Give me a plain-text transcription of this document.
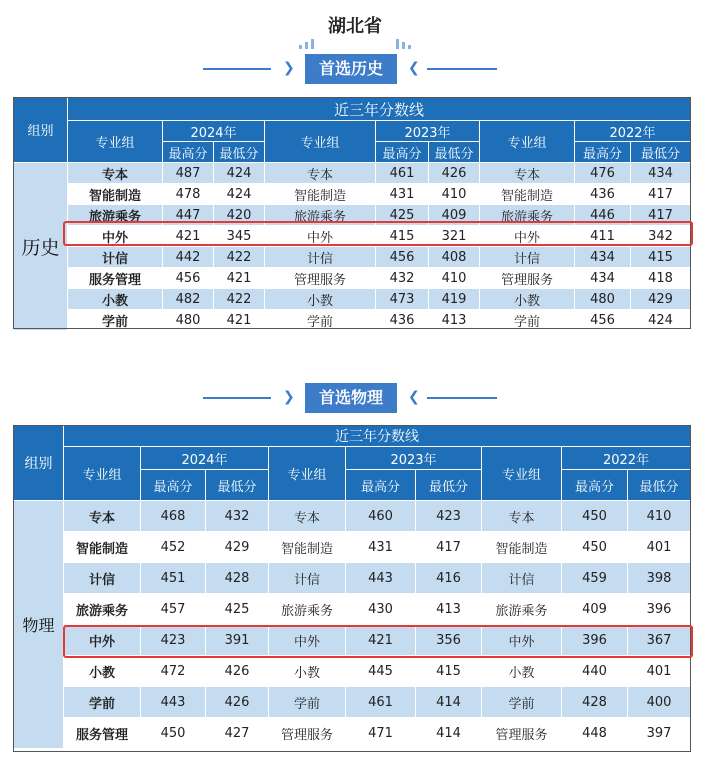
湖北省
❯	首选历史	❮
组别	近三年分数线								
	专业组	2024年		专业组	2023年		专业组	2022年	
		最高分	最低分		最高分	最低分		最高分	最低分
历史	专本	487	424	专本	461	426	专本	476	434
	智能制造	478	424	智能制造	431	410	智能制造	436	417
	旅游乘务	447	420	旅游乘务	425	409	旅游乘务	446	417
	中外	421	345	中外	415	321	中外	411	342
	计信	442	422	计信	456	408	计信	434	415
	服务管理	456	421	管理服务	432	410	管理服务	434	418
	小教	482	422	小教	473	419	小教	480	429
	学前	480	421	学前	436	413	学前	456	424
❯	首选物理	❮
组别	近三年分数线								
	专业组	2024年		专业组	2023年		专业组	2022年	
		最高分	最低分		最高分	最低分		最高分	最低分
物理	专本	468	432	专本	460	423	专本	450	410
	智能制造	452	429	智能制造	431	417	智能制造	450	401
	计信	451	428	计信	443	416	计信	459	398
	旅游乘务	457	425	旅游乘务	430	413	旅游乘务	409	396
	中外	423	391	中外	421	356	中外	396	367
	小教	472	426	小教	445	415	小教	440	401
	学前	443	426	学前	461	414	学前	428	400
	服务管理	450	427	管理服务	471	414	管理服务	448	397
